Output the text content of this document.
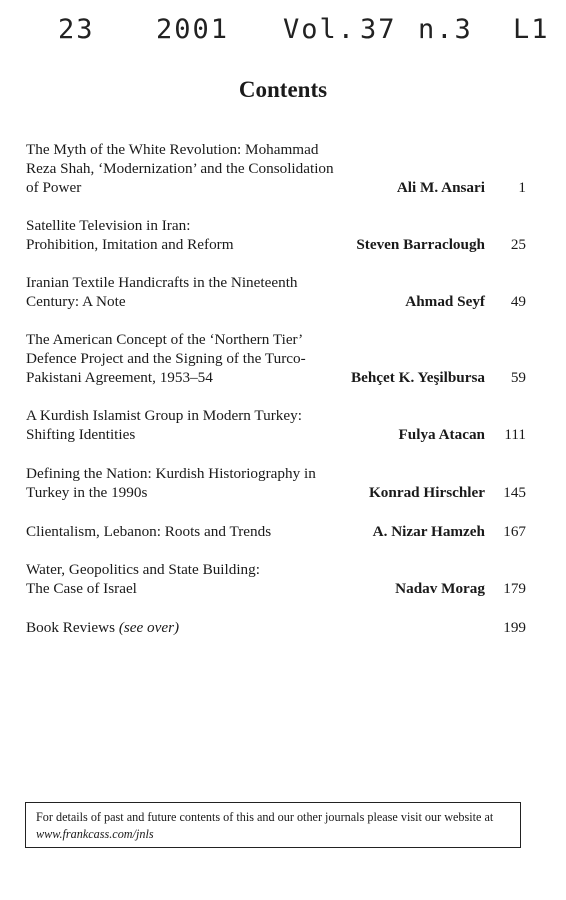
23 2001 Vol. 37 n.3 L1
Contents
The Myth of the White Revolution: Mohammad
Reza Shah, ‘Modernization’ and the Consolidation
of Power	Ali M. Ansari	1
Satellite Television in Iran:
Prohibition, Imitation and Reform	Steven Barraclough	25
Iranian Textile Handicrafts in the Nineteenth
Century: A Note	Ahmad Seyf	49
The American Concept of the ‘Northern Tier’
Defence Project and the Signing of the Turco-
Pakistani Agreement, 1953–54	Behçet K. Yeşilbursa	59
A Kurdish Islamist Group in Modern Turkey:
Shifting Identities	Fulya Atacan	111
Defining the Nation: Kurdish Historiography in
Turkey in the 1990s	Konrad Hirschler	145
Clientalism, Lebanon: Roots and Trends	A. Nizar Hamzeh	167
Water, Geopolitics and State Building:
The Case of Israel	Nadav Morag	179
Book Reviews (see over)	199
For details of past and future contents of this and our other journals please visit our website at www.frankcass.com/jnls
